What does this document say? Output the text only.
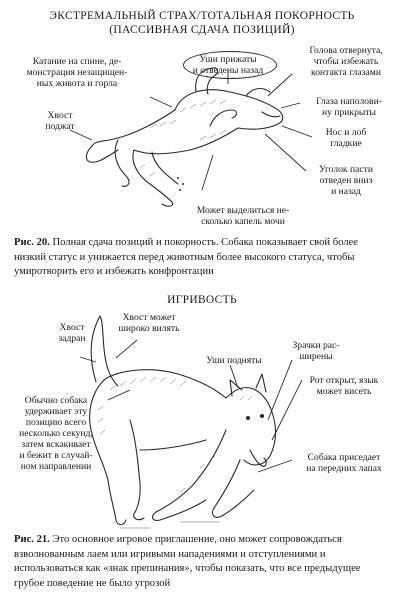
ЭКСТРЕМАЛЬНЫЙ СТРАХ/ТОТАЛЬНАЯ ПОКОРНОСТЬ
(ПАССИВНАЯ СДАЧА ПОЗИЦИЙ)
Катание на спине, де-
монстрация незащищен-
ных живота и горла
Уши прижаты
и отведены назад
Голова отвернута,
чтобы избежать
контакта глазами
Глаза наполови-
ну прикрыты
Хвост
поджат
Нос и лоб
гладкие
Уголок пасти
отведен вниз
и назад
Может выделиться не-
сколько капель мочи
Рис. 20. Полная сдача позиций и покорность. Собака показывает свой более низкий статус и унижается перед животным более высокого статуса, чтобы умиротворить его и избежать конфронтации
ИГРИВОСТЬ
Хвост
задран
Хвост может
широко вилять
Уши подняты
Зрачки рас-
ширены
Рот открыт, язык
может висеть
Обычно собака
удерживает эту
позицию всего
несколько секунд,
затем вскакивает
и бежит в случай-
ном направлении
Собака приседает
на передних лапах
Рис. 21. Это основное игровое приглашение, оно может сопровождаться взволнованным лаем или игривыми нападениями и отступлениями и использоваться как «знак препинания», чтобы показать, что все предыдущее грубое поведение не было угрозой
